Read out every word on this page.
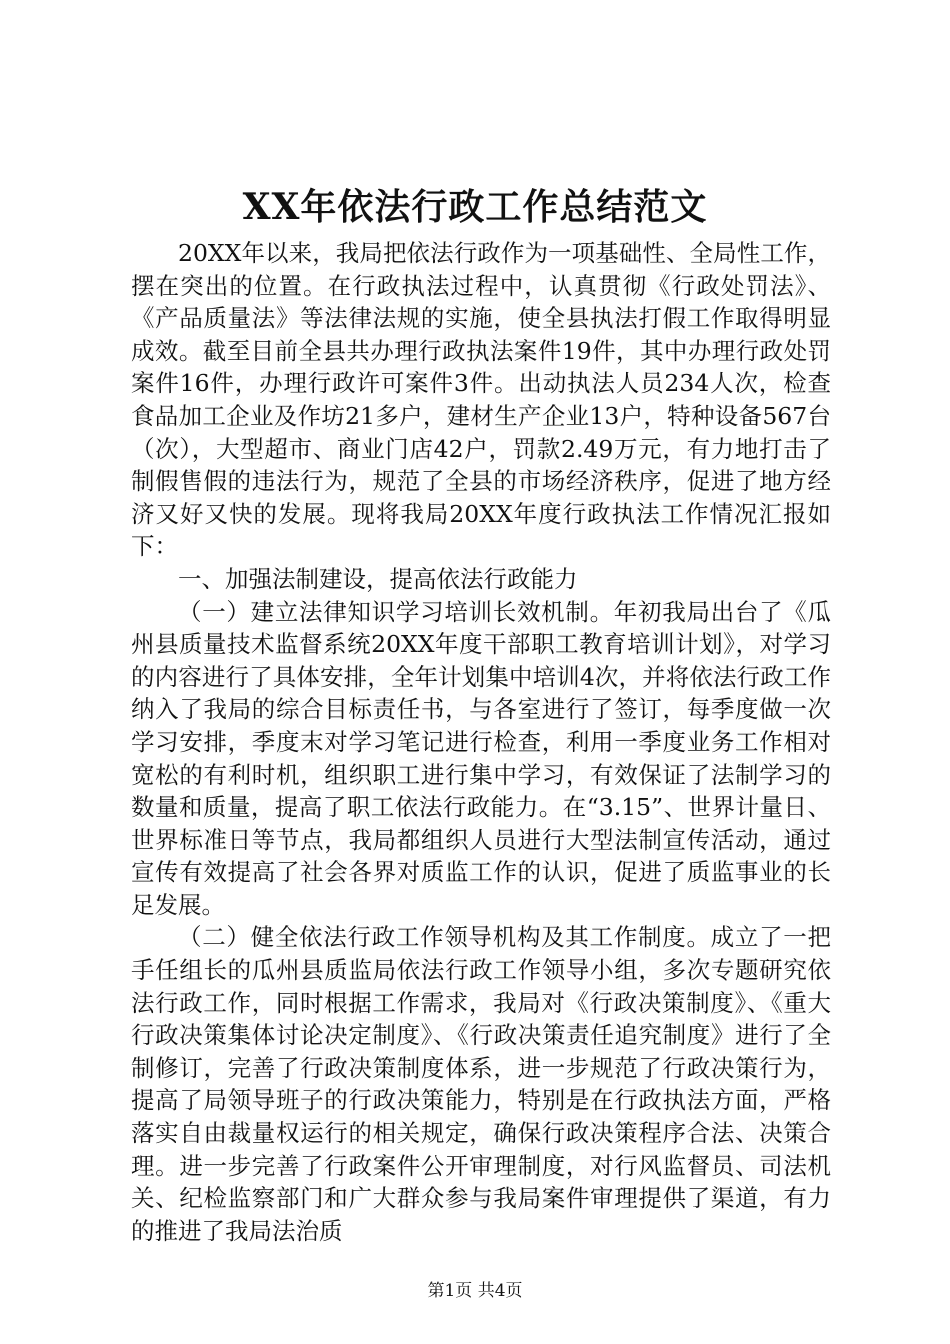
XX年依法行政工作总结范文

20XX年以来，我局把依法行政作为一项基础性、全局性工作，摆在突出的位置。在行政执法过程中，认真贯彻《行政处罚法》、《产品质量法》等法律法规的实施，使全县执法打假工作取得明显成效。截至目前全县共办理行政执法案件19件，其中办理行政处罚案件16件，办理行政许可案件3件。出动执法人员234人次，检查食品加工企业及作坊21多户，建材生产企业13户，特种设备567台（次），大型超市、商业门店42户，罚款2.49万元，有力地打击了制假售假的违法行为，规范了全县的市场经济秩序，促进了地方经济又好又快的发展。现将我局20XX年度行政执法工作情况汇报如下：

一、加强法制建设，提高依法行政能力

（一）建立法律知识学习培训长效机制。年初我局出台了《瓜州县质量技术监督系统20XX年度干部职工教育培训计划》，对学习的内容进行了具体安排，全年计划集中培训4次，并将依法行政工作纳入了我局的综合目标责任书，与各室进行了签订，每季度做一次学习安排，季度末对学习笔记进行检查，利用一季度业务工作相对宽松的有利时机，组织职工进行集中学习，有效保证了法制学习的数量和质量，提高了职工依法行政能力。在“3.15”、世界计量日、世界标准日等节点，我局都组织人员进行大型法制宣传活动，通过宣传有效提高了社会各界对质监工作的认识，促进了质监事业的长足发展。

（二）健全依法行政工作领导机构及其工作制度。成立了一把手任组长的瓜州县质监局依法行政工作领导小组，多次专题研究依法行政工作，同时根据工作需求，我局对《行政决策制度》、《重大行政决策集体讨论决定制度》、《行政决策责任追究制度》进行了全制修订，完善了行政决策制度体系，进一步规范了行政决策行为，提高了局领导班子的行政决策能力，特别是在行政执法方面，严格落实自由裁量权运行的相关规定，确保行政决策程序合法、决策合理。进一步完善了行政案件公开审理制度，对行风监督员、司法机关、纪检监察部门和广大群众参与我局案件审理提供了渠道，有力的推进了我局法治质

第1页 共4页
